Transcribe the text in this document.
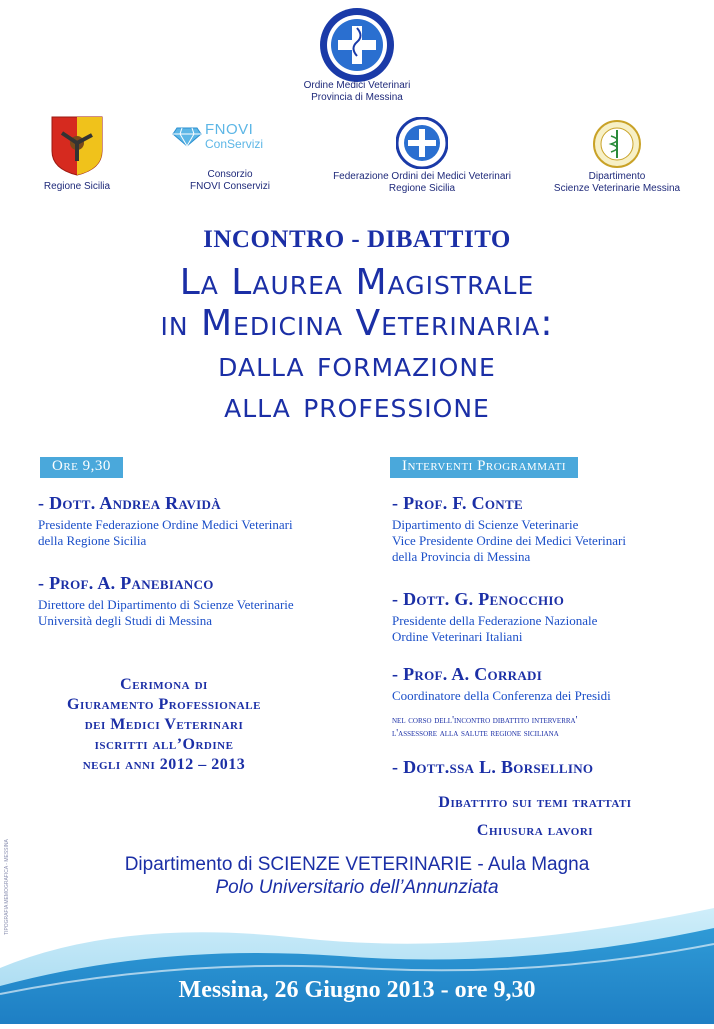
Ordine Medici Veterinari
Provincia di Messina
Regione Sicilia
FNOVI
ConServizi
Consorzio
FNOVI Conservizi
Federazione Ordini dei Medici Veterinari
Regione Sicilia
Dipartimento
Scienze Veterinarie Messina
INCONTRO - DIBATTITO
La Laurea Magistrale
in Medicina Veterinaria:
dalla formazione
alla professione
Ore 9,30
- Dott. Andrea Ravidà
Presidente Federazione Ordine Medici Veterinari
della Regione Sicilia
- Prof. A. Panebianco
Direttore del Dipartimento di Scienze Veterinarie
Università degli Studi di Messina
Cerimona di
Giuramento Professionale
dei Medici Veterinari
iscritti all’Ordine
negli anni 2012 – 2013
Interventi Programmati
- Prof. F. Conte
Dipartimento di Scienze Veterinarie
Vice Presidente Ordine dei Medici Veterinari
della Provincia di Messina
- Dott. G. Penocchio
Presidente della Federazione Nazionale
Ordine Veterinari Italiani
- Prof. A. Corradi
Coordinatore della Conferenza dei Presidi
nel corso dell'incontro dibattito interverra'
l'assessore alla salute regione siciliana
- Dott.ssa L. Borsellino
Dibattito sui temi trattati
Chiusura lavori
TIPOGRAFIA MEMOGRAFICA - MESSINA	Dipartimento di SCIENZE VETERINARIE - Aula Magna
Polo Universitario dell’Annunziata
Messina, 26 Giugno 2013 - ore 9,30
